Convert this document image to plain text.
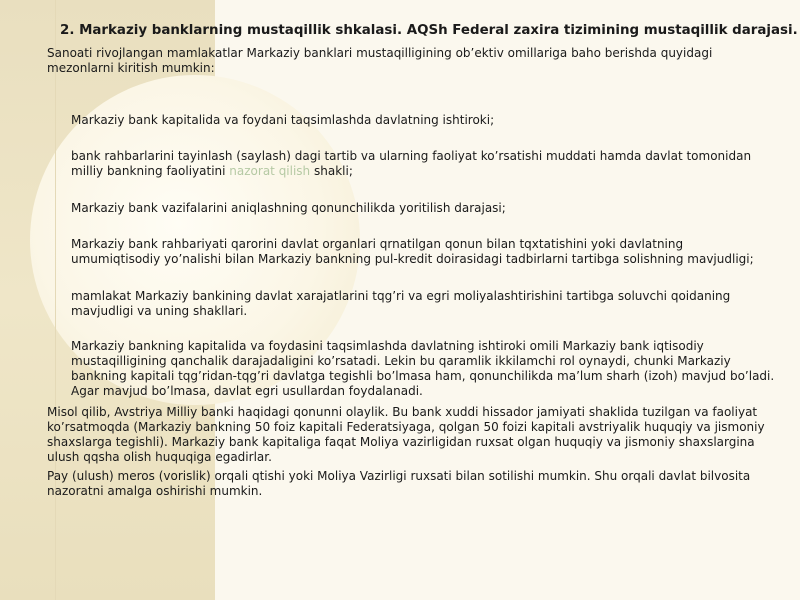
2. Markaziy banklarning mustaqillik shkalasi. AQSh Federal zaxira tizimining mustaqillik darajasi.

Sanoati rivojlangan mamlakatlar Markaziy banklari mustaqilligining ob’ektiv omillariga baho berishda quyidagi mezonlarni kiritish mumkin:

Markaziy bank kapitalida va foydani taqsimlashda davlatning ishtiroki;

bank rahbarlarini tayinlash (saylash) dagi tartib va ularning faoliyat ko’rsatishi muddati hamda davlat tomonidan milliy bankning faoliyatini nazorat qilish shakli;

Markaziy bank vazifalarini aniqlashning qonunchilikda yoritilish darajasi;

Markaziy bank rahbariyati qarorini davlat organlari qrnatilgan qonun bilan tqxtatishini yoki davlatning umumiqtisodiy yo’nalishi bilan Markaziy bankning pul-kredit doirasidagi tadbirlarni tartibga solishning mavjudligi;

mamlakat Markaziy bankining davlat xarajatlarini tqg’ri va egri moliyalashtirishini tartibga soluvchi qoidaning mavjudligi va uning shakllari.

Markaziy bankning kapitalida va foydasini taqsimlashda davlatning ishtiroki omili Markaziy bank iqtisodiy mustaqilligining qanchalik darajadaligini ko’rsatadi. Lekin bu qaramlik ikkilamchi rol oynaydi, chunki Markaziy bankning kapitali tqg’ridan-tqg’ri davlatga tegishli bo’lmasa ham, qonunchilikda ma’lum sharh (izoh) mavjud bo’ladi. Agar mavjud bo’lmasa, davlat egri usullardan foydalanadi.

Misol qilib, Avstriya Milliy banki haqidagi qonunni olaylik. Bu bank xuddi hissador jamiyati shaklida tuzilgan va faoliyat ko’rsatmoqda (Markaziy bankning 50 foiz kapitali Federatsiyaga, qolgan 50 foizi kapitali avstriyalik huquqiy va jismoniy shaxslarga tegishli). Markaziy bank kapitaliga faqat Moliya vazirligidan ruxsat olgan huquqiy va jismoniy shaxslargina ulush qqsha olish huquqiga egadirlar.

Pay (ulush) meros (vorislik) orqali qtishi yoki Moliya Vazirligi ruxsati bilan sotilishi mumkin. Shu orqali davlat bilvosita nazoratni amalga oshirishi mumkin.
